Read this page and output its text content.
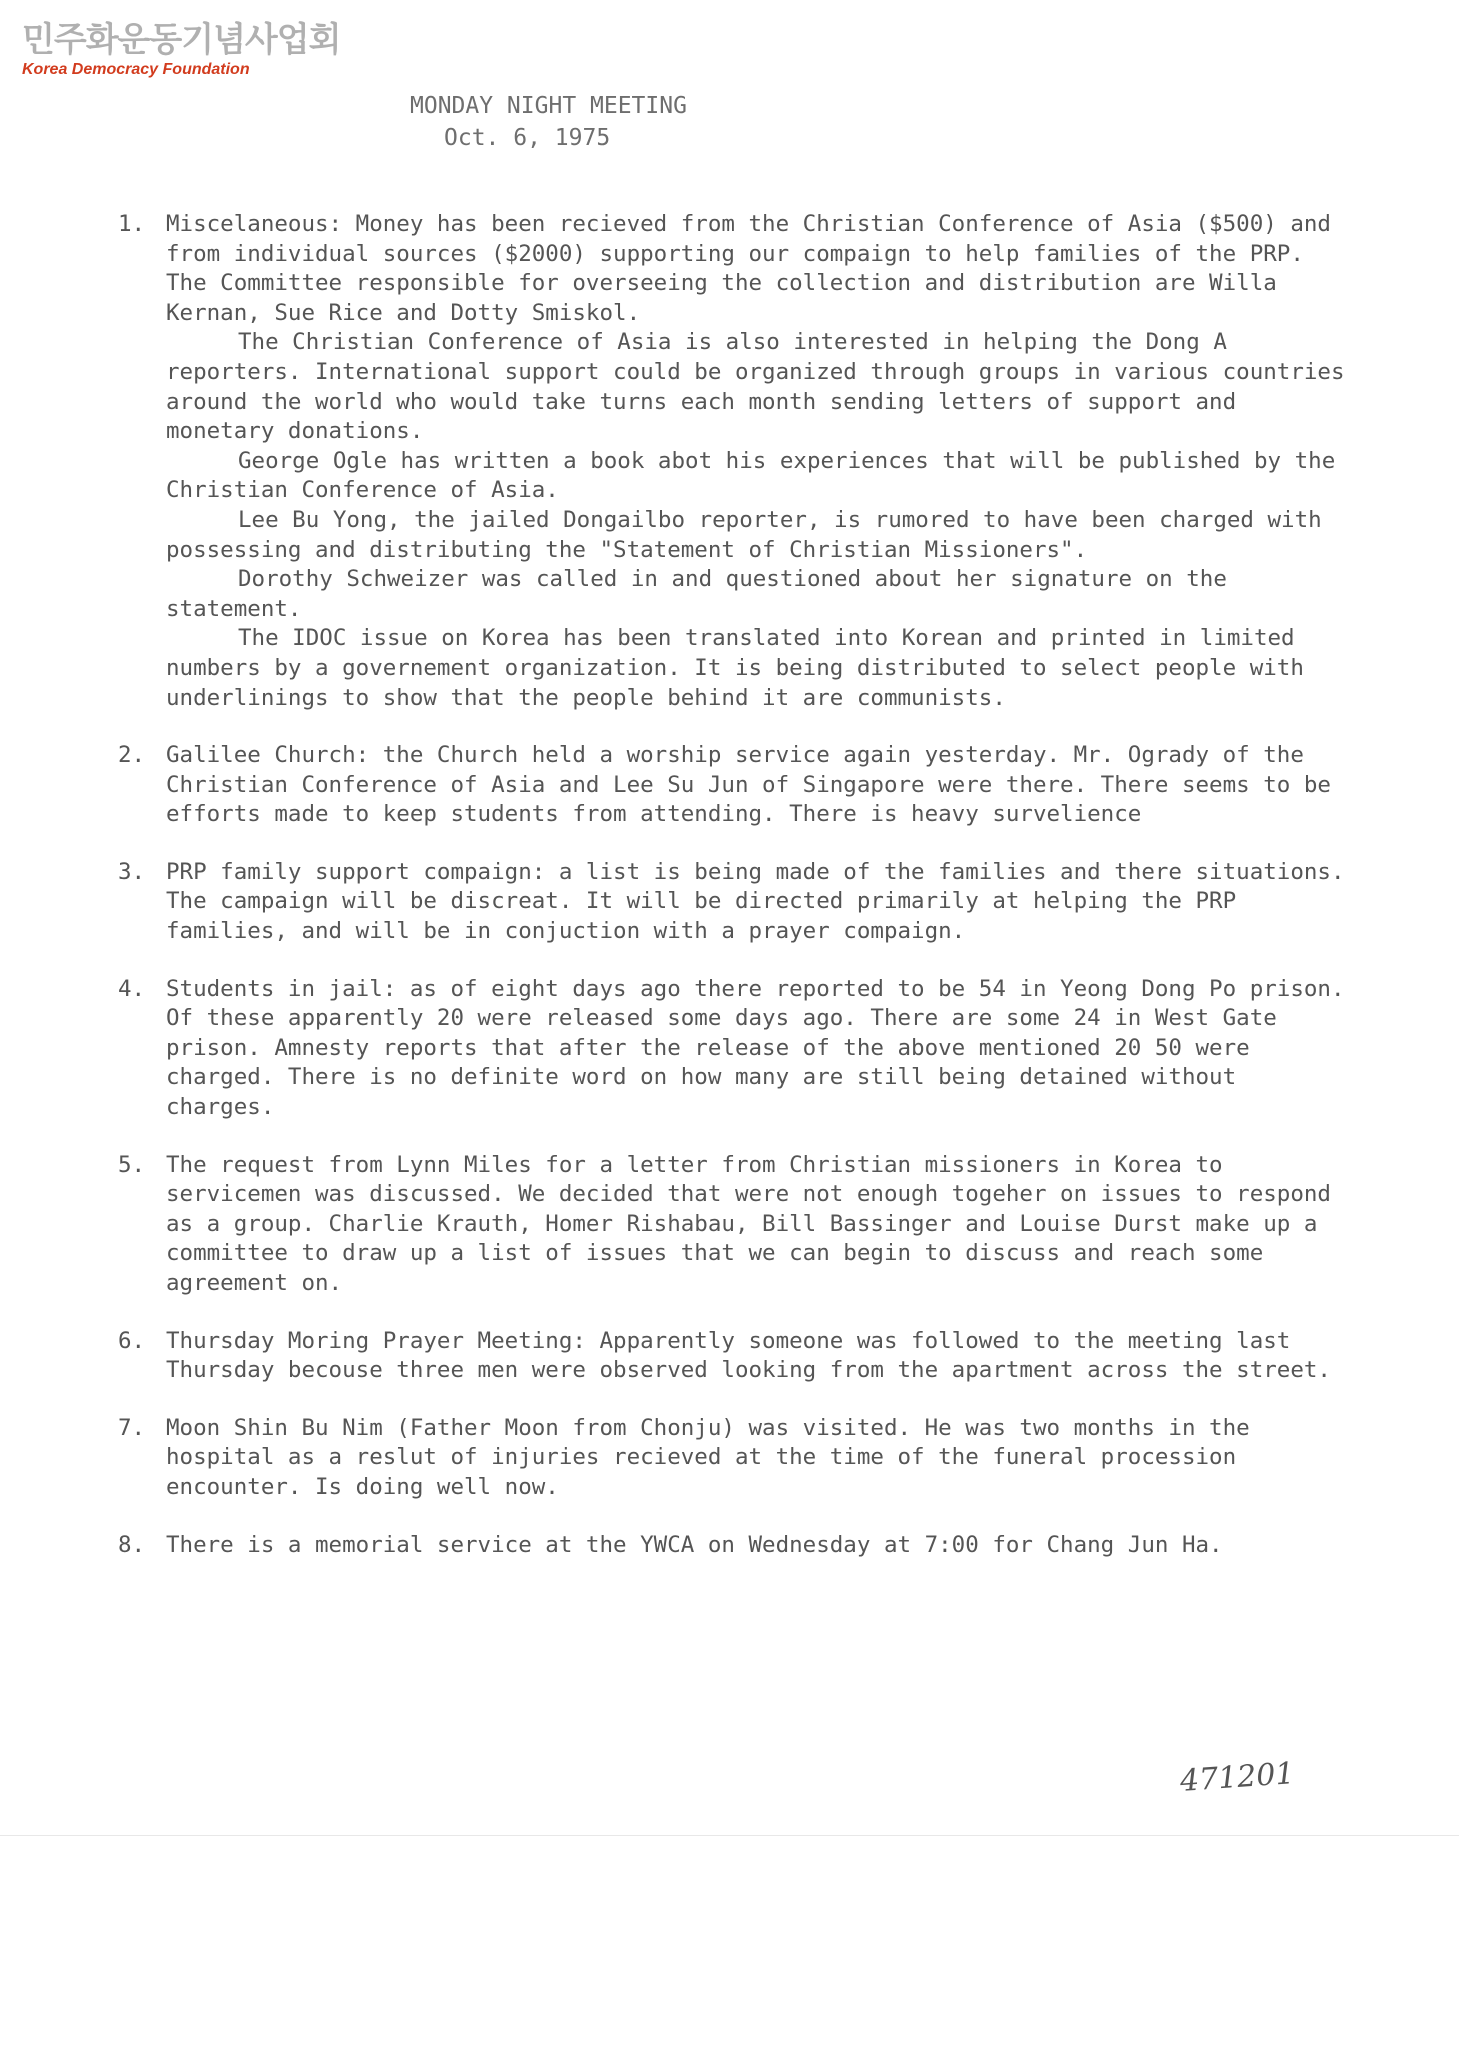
민주화운동기념사업회
Korea Democracy Foundation
MONDAY NIGHT MEETING
Oct. 6, 1975
1. Miscelaneous: Money has been recieved from the Christian Conference of Asia ($500) and from individual sources ($2000) supporting our compaign to help families of the PRP. The Committee responsible for overseeing the collection and distribution are Willa Kernan, Sue Rice and Dotty Smiskol.

The Christian Conference of Asia is also interested in helping the Dong A reporters. International support could be organized through groups in various countries around the world who would take turns each month sending letters of support and monetary donations.

George Ogle has written a book abot his experiences that will be published by the Christian Conference of Asia.

Lee Bu Yong, the jailed Dongailbo reporter, is rumored to have been charged with possessing and distributing the "Statement of Christian Missioners".

Dorothy Schweizer was called in and questioned about her signature on the statement.

The IDOC issue on Korea has been translated into Korean and printed in limited numbers by a governement organization. It is being distributed to select people with underlinings to show that the people behind it are communists.

2. Galilee Church: the Church held a worship service again yesterday. Mr. Ogrady of the Christian Conference of Asia and Lee Su Jun of Singapore were there. There seems to be efforts made to keep students from attending. There is heavy survelience

3. PRP family support compaign: a list is being made of the families and there situations. The campaign will be discreat. It will be directed primarily at helping the PRP families, and will be in conjuction with a prayer compaign.

4. Students in jail: as of eight days ago there reported to be 54 in Yeong Dong Po prison. Of these apparently 20 were released some days ago. There are some 24 in West Gate prison. Amnesty reports that after the release of the above mentioned 20 50 were charged. There is no definite word on how many are still being detained without charges.

5. The request from Lynn Miles for a letter from Christian missioners in Korea to servicemen was discussed. We decided that were not enough togeher on issues to respond as a group. Charlie Krauth, Homer Rishabau, Bill Bassinger and Louise Durst make up a committee to draw up a list of issues that we can begin to discuss and reach some agreement on.

6. Thursday Moring Prayer Meeting: Apparently someone was followed to the meeting last Thursday becouse three men were observed looking from the apartment across the street.

7. Moon Shin Bu Nim (Father Moon from Chonju) was visited. He was two months in the hospital as a reslut of injuries recieved at the time of the funeral procession encounter. Is doing well now.

8. There is a memorial service at the YWCA on Wednesday at 7:00 for Chang Jun Ha.

471201
